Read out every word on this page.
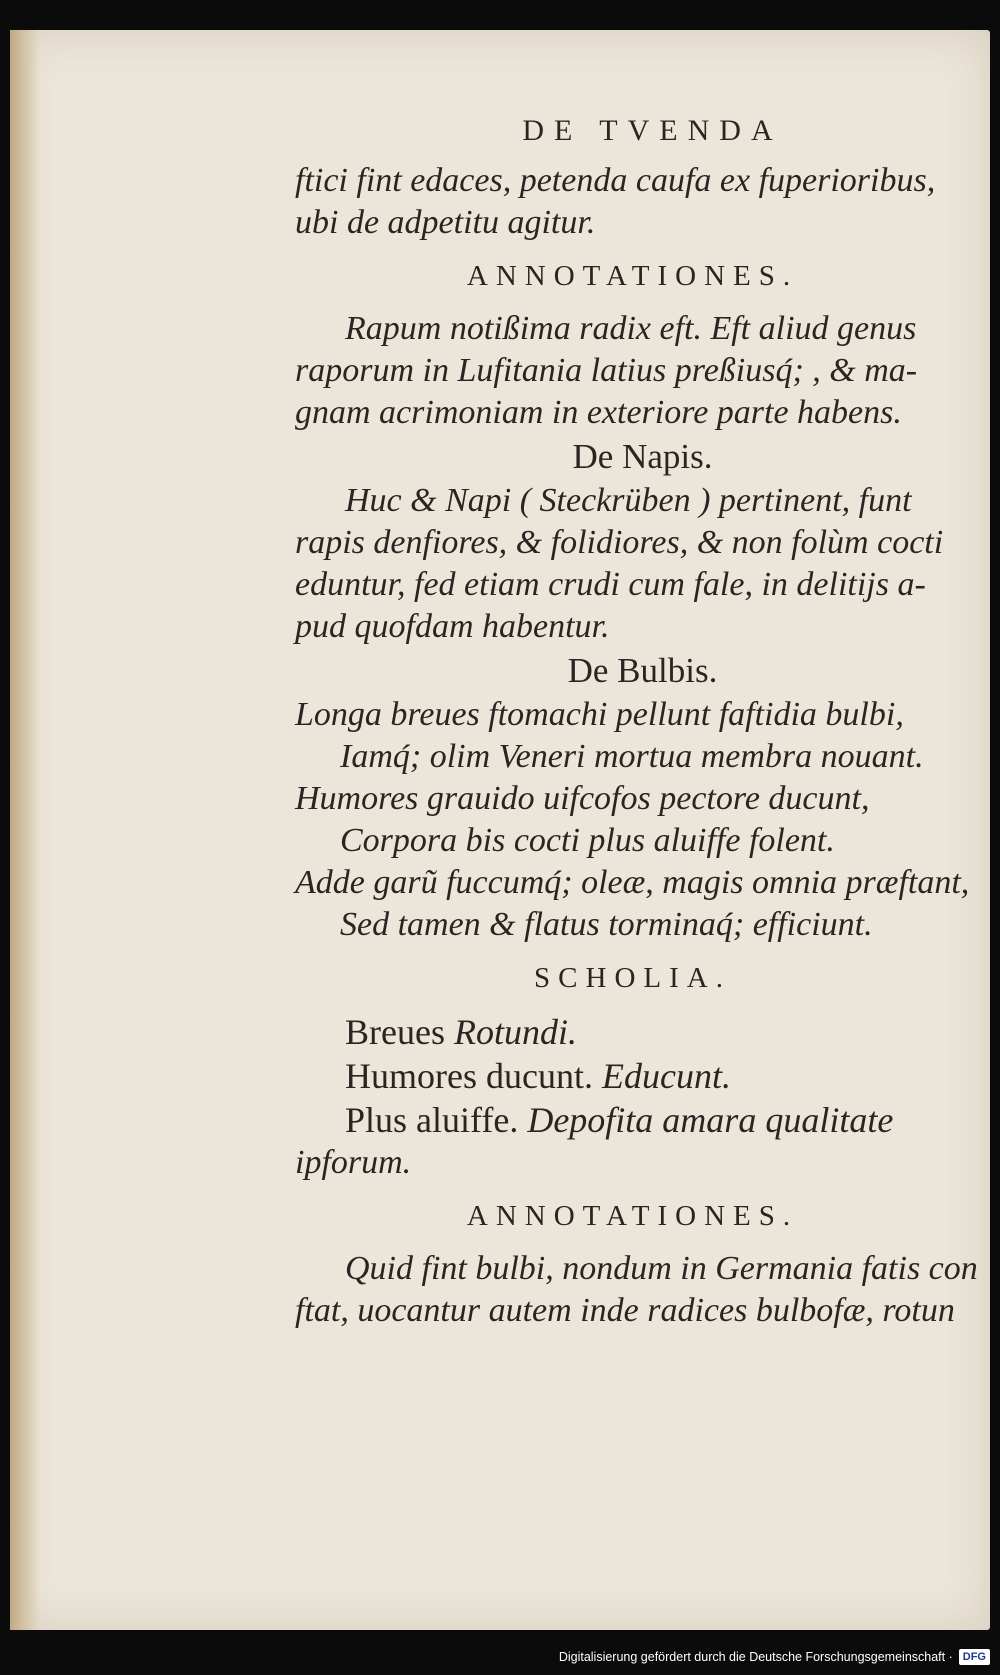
DE TVENDA
ftici fint edaces, petenda caufa ex fuperioribus,
ubi de adpetitu agitur.
ANNOTATIONES.
Rapum notißima radix eft. Eft aliud genus
raporum in Lufitania latius preßiusq́; , & ma-
gnam acrimoniam in exteriore parte habens.
De Napis.
Huc & Napi ( Steckrüben ) pertinent, funt
rapis denfiores, & folidiores, & non folùm cocti
eduntur, fed etiam crudi cum fale, in delitijs a-
pud quofdam habentur.
De Bulbis.
Longa breues ftomachi pellunt faftidia bulbi,
Iamq́; olim Veneri mortua membra nouant.
Humores grauido uifcofos pectore ducunt,
Corpora bis cocti plus aluiffe folent.
Adde garũ fuccumq́; oleæ, magis omnia præftant,
Sed tamen & flatus torminaq́; efficiunt.
SCHOLIA.
Breues Rotundi.
Humores ducunt. Educunt.
Plus aluiffe. Depofita amara qualitate
ipforum.
ANNOTATIONES.
Quid fint bulbi, nondum in Germania fatis con
ftat, uocantur autem inde radices bulbofæ, rotun
Digitalisierung gefördert durch die Deutsche Forschungsgemeinschaft · DFG
